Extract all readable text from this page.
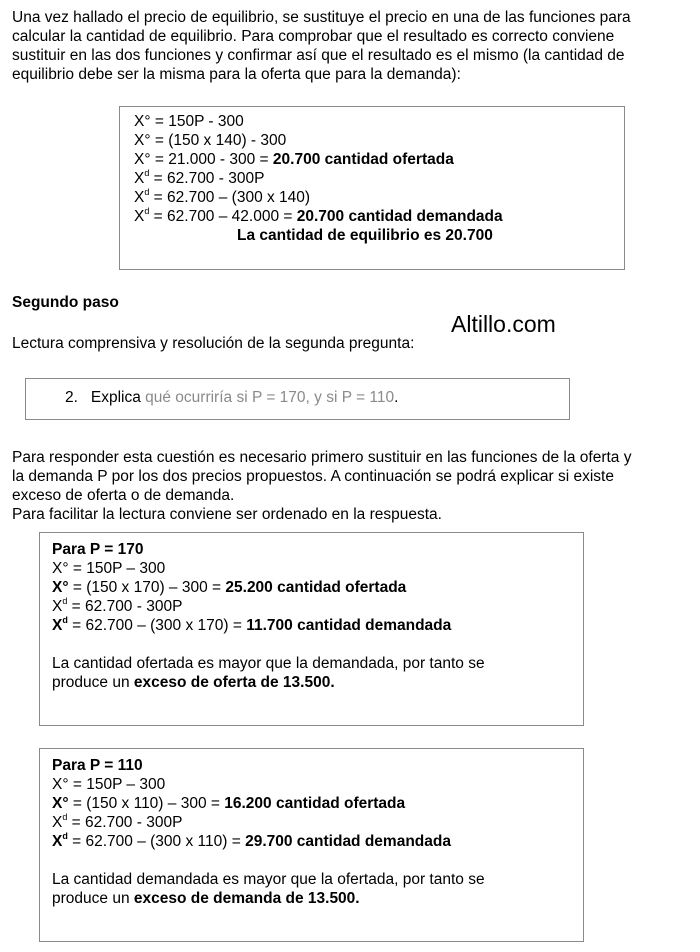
Una vez hallado el precio de equilibrio, se sustituye el precio en una de las funciones para
calcular la cantidad de equilibrio. Para comprobar que el resultado es correcto conviene
sustituir en las dos funciones y confirmar así que el resultado es el mismo (la cantidad de
equilibrio debe ser la misma para la oferta que para la demanda):
X° = 150P - 300
X° = (150 x 140) - 300
X° = 21.000 - 300 = 20.700 cantidad ofertada
$X^d = 62.700 - 300P$
$X^d = 62.700 - (300$ x 140)
$X^d = 62.700 - 42.000 = 20.700$ cantidad demandada
La cantidad de equilibrio es 20.700
Segundo paso
Altillo.com
Lectura comprensiva y resolución de la segunda pregunta:
2. Explica qué ocurriría si P = 170, y si P = 110.
Para responder esta cuestión es necesario primero sustituir en las funciones de la oferta y
la demanda P por los dos precios propuestos. A continuación se podrá explicar si existe
exceso de oferta o de demanda.
Para facilitar la lectura conviene ser ordenado en la respuesta.
Para P = 170
X° = 150P – 300
X° = (150 x 170) – 300 = 25.200 cantidad ofertada
$X^d = 62.700 - 300P$
$X^d = 62.700 - (300$ x 170) = 11.700 cantidad demandada
La cantidad ofertada es mayor que la demandada, por tanto se
produce un exceso de oferta de 13.500.
Para P = 110
X° = 150P – 300
X° = (150 x 110) – 300 = 16.200 cantidad ofertada
$X^d = 62.700 - 300P$
$X^d = 62.700 - (300$ x 110) = 29.700 cantidad demandada
La cantidad demandada es mayor que la ofertada, por tanto se
produce un exceso de demanda de 13.500.
